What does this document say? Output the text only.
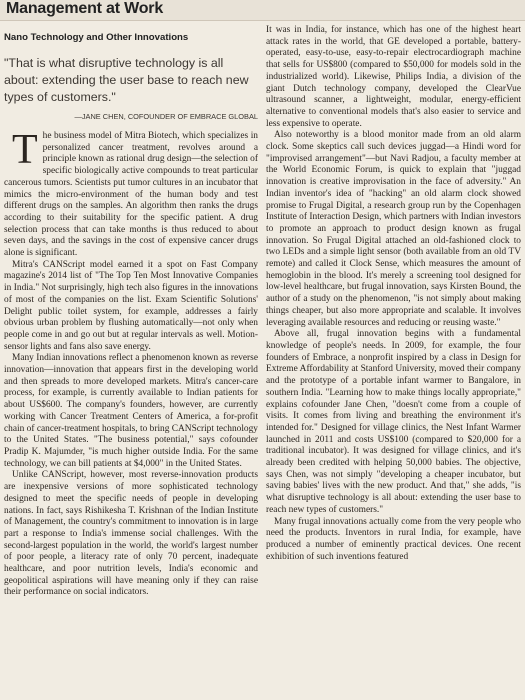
Management at Work
Nano Technology and Other Innovations
"That is what disruptive technology is all about: extending the user base to reach new types of customers."
—JANE CHEN, COFOUNDER OF EMBRACE GLOBAL

The business model of Mitra Biotech, which specializes in personalized cancer treatment, revolves around a principle known as rational drug design—the selection of specific biologically active compounds to treat particular cancerous tumors. Scientists put tumor cultures in an incubator that mimics the micro-environment of the human body and test different drugs on the samples. An algorithm then ranks the drugs according to their suitability for the specific patient. A drug selection process that can take months is thus reduced to about seven days, and the savings in the cost of expensive cancer drugs alone is significant.

Mitra's CANScript model earned it a spot on Fast Company magazine's 2014 list of "The Top Ten Most Innovative Companies in India." Not surprisingly, high tech also figures in the innovations of most of the companies on the list. Exam Scientific Solutions' Delight public toilet system, for example, addresses a fairly obvious urban problem by flushing automatically—not only when people come in and go out but at regular intervals as well. Motion-sensor lights and fans also save energy.

Many Indian innovations reflect a phenomenon known as reverse innovation—innovation that appears first in the developing world and then spreads to more developed markets. Mitra's cancer-care process, for example, is currently available to Indian patients for about US$600. The company's founders, however, are currently working with Cancer Treatment Centers of America, a for-profit chain of cancer-treatment hospitals, to bring CANScript technology to the United States. "The business potential," says cofounder Pradip K. Majumder, "is much higher outside India. For the same technology, we can bill patients at $4,000" in the United States.

Unlike CANScript, however, most reverse-innovation products are inexpensive versions of more sophisticated technology designed to meet the specific needs of people in developing nations. In fact, says Rishikesha T. Krishnan of the Indian Institute of Management, the country's commitment to innovation is in large part a response to India's immense social challenges. With the second-largest population in the world, the world's largest number of poor people, a literacy rate of only 70 percent, inadequate healthcare, and poor nutrition levels, India's economic and geopolitical aspirations will have meaning only if they can raise their performance on social indicators.

It was in India, for instance, which has one of the highest heart attack rates in the world, that GE developed a portable, battery-operated, easy-to-use, easy-to-repair electrocardiograph machine that sells for US$800 (compared to $50,000 for models sold in the industrialized world). Likewise, Philips India, a division of the giant Dutch technology company, developed the ClearVue ultrasound scanner, a lightweight, modular, energy-efficient alternative to conventional models that's also easier to service and less expensive to operate.

Also noteworthy is a blood monitor made from an old alarm clock. Some skeptics call such devices juggad—a Hindi word for "improvised arrangement"—but Navi Radjou, a faculty member at the World Economic Forum, is quick to explain that "juggad innovation is creative improvisation in the face of adversity." An Indian inventor's idea of "hacking" an old alarm clock showed promise to Frugal Digital, a research group run by the Copenhagen Institute of Interaction Design, which partners with Indian investors to promote an approach to product design known as frugal innovation. So Frugal Digital attached an old-fashioned clock to two LEDs and a simple light sensor (both available from an old TV remote) and called it Clock Sense, which measures the amount of hemoglobin in the blood. It's merely a screening tool designed for low-level healthcare, but frugal innovation, says Kirsten Bound, the author of a study on the phenomenon, "is not simply about making things cheaper, but also more appropriate and scalable. It involves leveraging available resources and reducing or reusing waste."

Above all, frugal innovation begins with a fundamental knowledge of people's needs. In 2009, for example, the four founders of Embrace, a nonprofit inspired by a class in Design for Extreme Affordability at Stanford University, moved their company and the prototype of a portable infant warmer to Bangalore, in southern India. "Learning how to make things locally appropriate," explains cofounder Jane Chen, "doesn't come from a couple of visits. It comes from living and breathing the environment it's intended for." Designed for village clinics, the Nest Infant Warmer launched in 2011 and costs US$100 (compared to $20,000 for a traditional incubator). It was designed for village clinics, and it's already been credited with helping 50,000 babies. The objective, says Chen, was not simply "developing a cheaper incubator, but saving babies' lives with the new product. And that," she adds, "is what disruptive technology is all about: extending the user base to reach new types of customers."

Many frugal innovations actually come from the very people who need the products. Inventors in rural India, for example, have produced a number of eminently practical devices. One recent exhibition of such inventions featured
